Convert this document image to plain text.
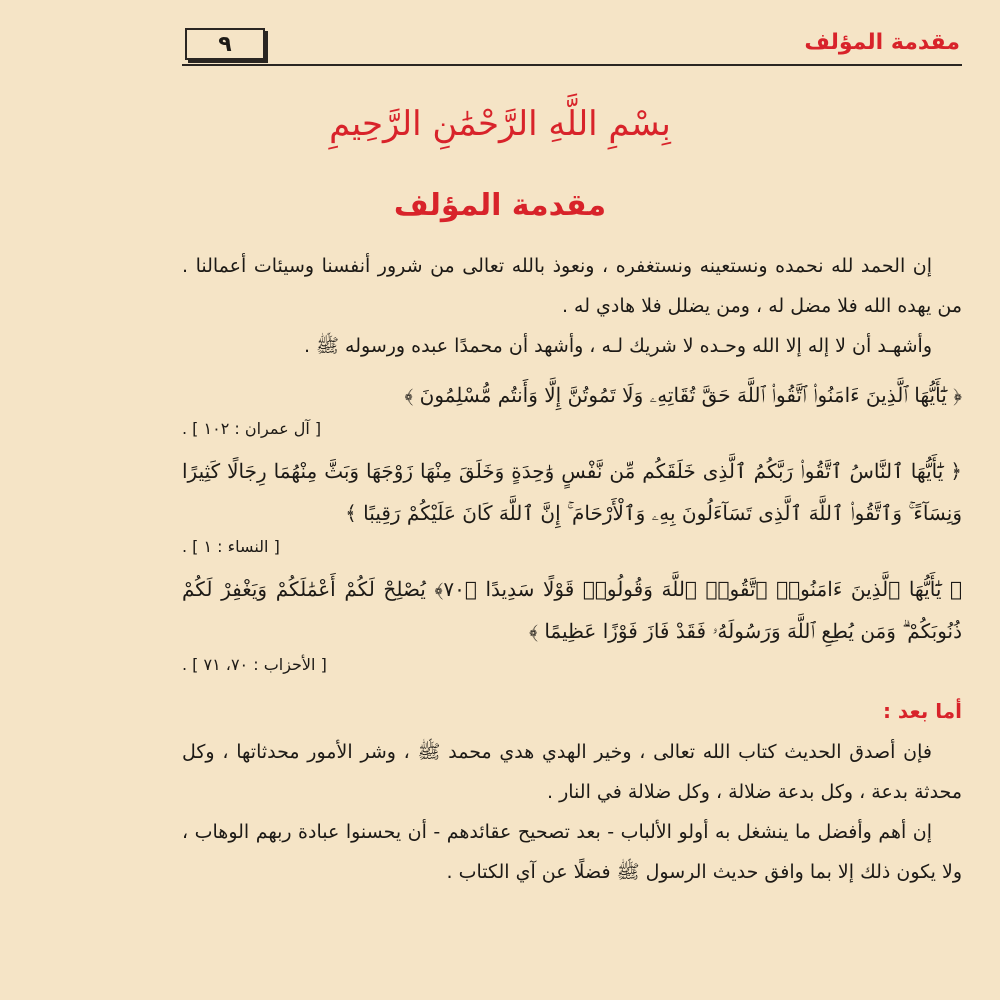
مقدمة المؤلف
٩
بِسْمِ اللَّهِ الرَّحْمَٰنِ الرَّحِيمِ
مقدمة المؤلف

إن الحمد لله نحمده ونستعينه ونستغفره ، ونعوذ بالله تعالى من شرور أنفسنا وسيئات أعمالنا . من يهده الله فلا مضل له ، ومن يضلل فلا هادي له .

وأشهـد أن لا إله إلا الله وحـده لا شريك لـه ، وأشهد أن محمدًا عبده ورسوله ﷺ .

﴿ يَٰٓأَيُّهَا ٱلَّذِينَ ءَامَنُوا۟ ٱتَّقُوا۟ ٱللَّهَ حَقَّ تُقَاتِهِۦ وَلَا تَمُوتُنَّ إِلَّا وَأَنتُم مُّسْلِمُونَ ﴾

[ آل عمران : ١٠٢ ] .

﴿ يَٰٓأَيُّهَا ٱلنَّاسُ ٱتَّقُوا۟ رَبَّكُمُ ٱلَّذِى خَلَقَكُم مِّن نَّفْسٍ وَٰحِدَةٍ وَخَلَقَ مِنْهَا زَوْجَهَا وَبَثَّ مِنْهُمَا رِجَالًا كَثِيرًا وَنِسَآءً ۚ وَٱتَّقُوا۟ ٱللَّهَ ٱلَّذِى تَسَآءَلُونَ بِهِۦ وَٱلْأَرْحَامَ ۚ إِنَّ ٱللَّهَ كَانَ عَلَيْكُمْ رَقِيبًا ﴾

[ النساء : ١ ] .

﴿ يَٰٓأَيُّهَا ٱلَّذِينَ ءَامَنُوا۟ ٱتَّقُوا۟ ٱللَّهَ وَقُولُوا۟ قَوْلًا سَدِيدًا ﴿٧٠﴾ يُصْلِحْ لَكُمْ أَعْمَٰلَكُمْ وَيَغْفِرْ لَكُمْ ذُنُوبَكُمْ ۗ وَمَن يُطِعِ ٱللَّهَ وَرَسُولَهُۥ فَقَدْ فَازَ فَوْزًا عَظِيمًا ﴾

[ الأحزاب : ٧٠، ٧١ ] .

أما بعد :

فإن أصدق الحديث كتاب الله تعالى ، وخير الهدي هدي محمد ﷺ ، وشر الأمور محدثاتها ، وكل محدثة بدعة ، وكل بدعة ضلالة ، وكل ضلالة في النار .

إن أهم وأفضل ما ينشغل به أولو الألباب - بعد تصحيح عقائدهم - أن يحسنوا عبادة ربهم الوهاب ، ولا يكون ذلك إلا بما وافق حديث الرسول ﷺ فضلًا عن آي الكتاب .
